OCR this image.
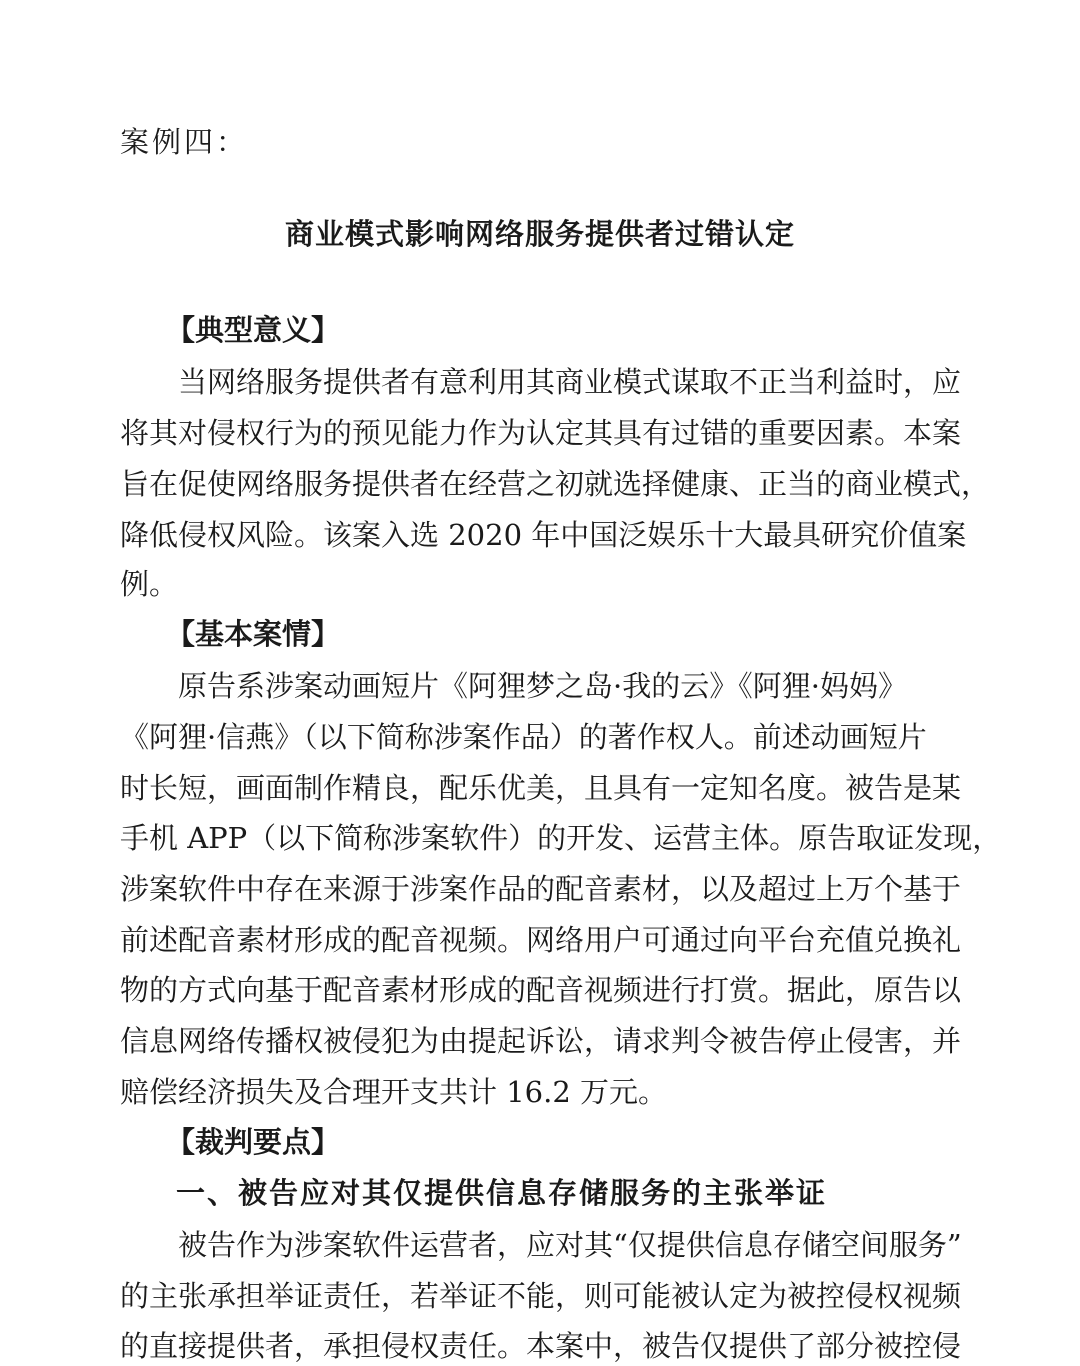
案例四：
商业模式影响网络服务提供者过错认定
【典型意义】
当网络服务提供者有意利用其商业模式谋取不正当利益时，应
将其对侵权行为的预见能力作为认定其具有过错的重要因素。本案
旨在促使网络服务提供者在经营之初就选择健康、正当的商业模式，
降低侵权风险。该案入选 2020 年中国泛娱乐十大最具研究价值案
例。
【基本案情】
原告系涉案动画短片《阿狸梦之岛·我的云》《阿狸·妈妈》
《阿狸·信燕》（以下简称涉案作品）的著作权人。前述动画短片
时长短，画面制作精良，配乐优美，且具有一定知名度。被告是某
手机 APP（以下简称涉案软件）的开发、运营主体。原告取证发现，
涉案软件中存在来源于涉案作品的配音素材，以及超过上万个基于
前述配音素材形成的配音视频。网络用户可通过向平台充值兑换礼
物的方式向基于配音素材形成的配音视频进行打赏。据此，原告以
信息网络传播权被侵犯为由提起诉讼，请求判令被告停止侵害，并
赔偿经济损失及合理开支共计 16.2 万元。
【裁判要点】
一、被告应对其仅提供信息存储服务的主张举证
被告作为涉案软件运营者，应对其“仅提供信息存储空间服务”
的主张承担举证责任，若举证不能，则可能被认定为被控侵权视频
的直接提供者，承担侵权责任。本案中，被告仅提供了部分被控侵
